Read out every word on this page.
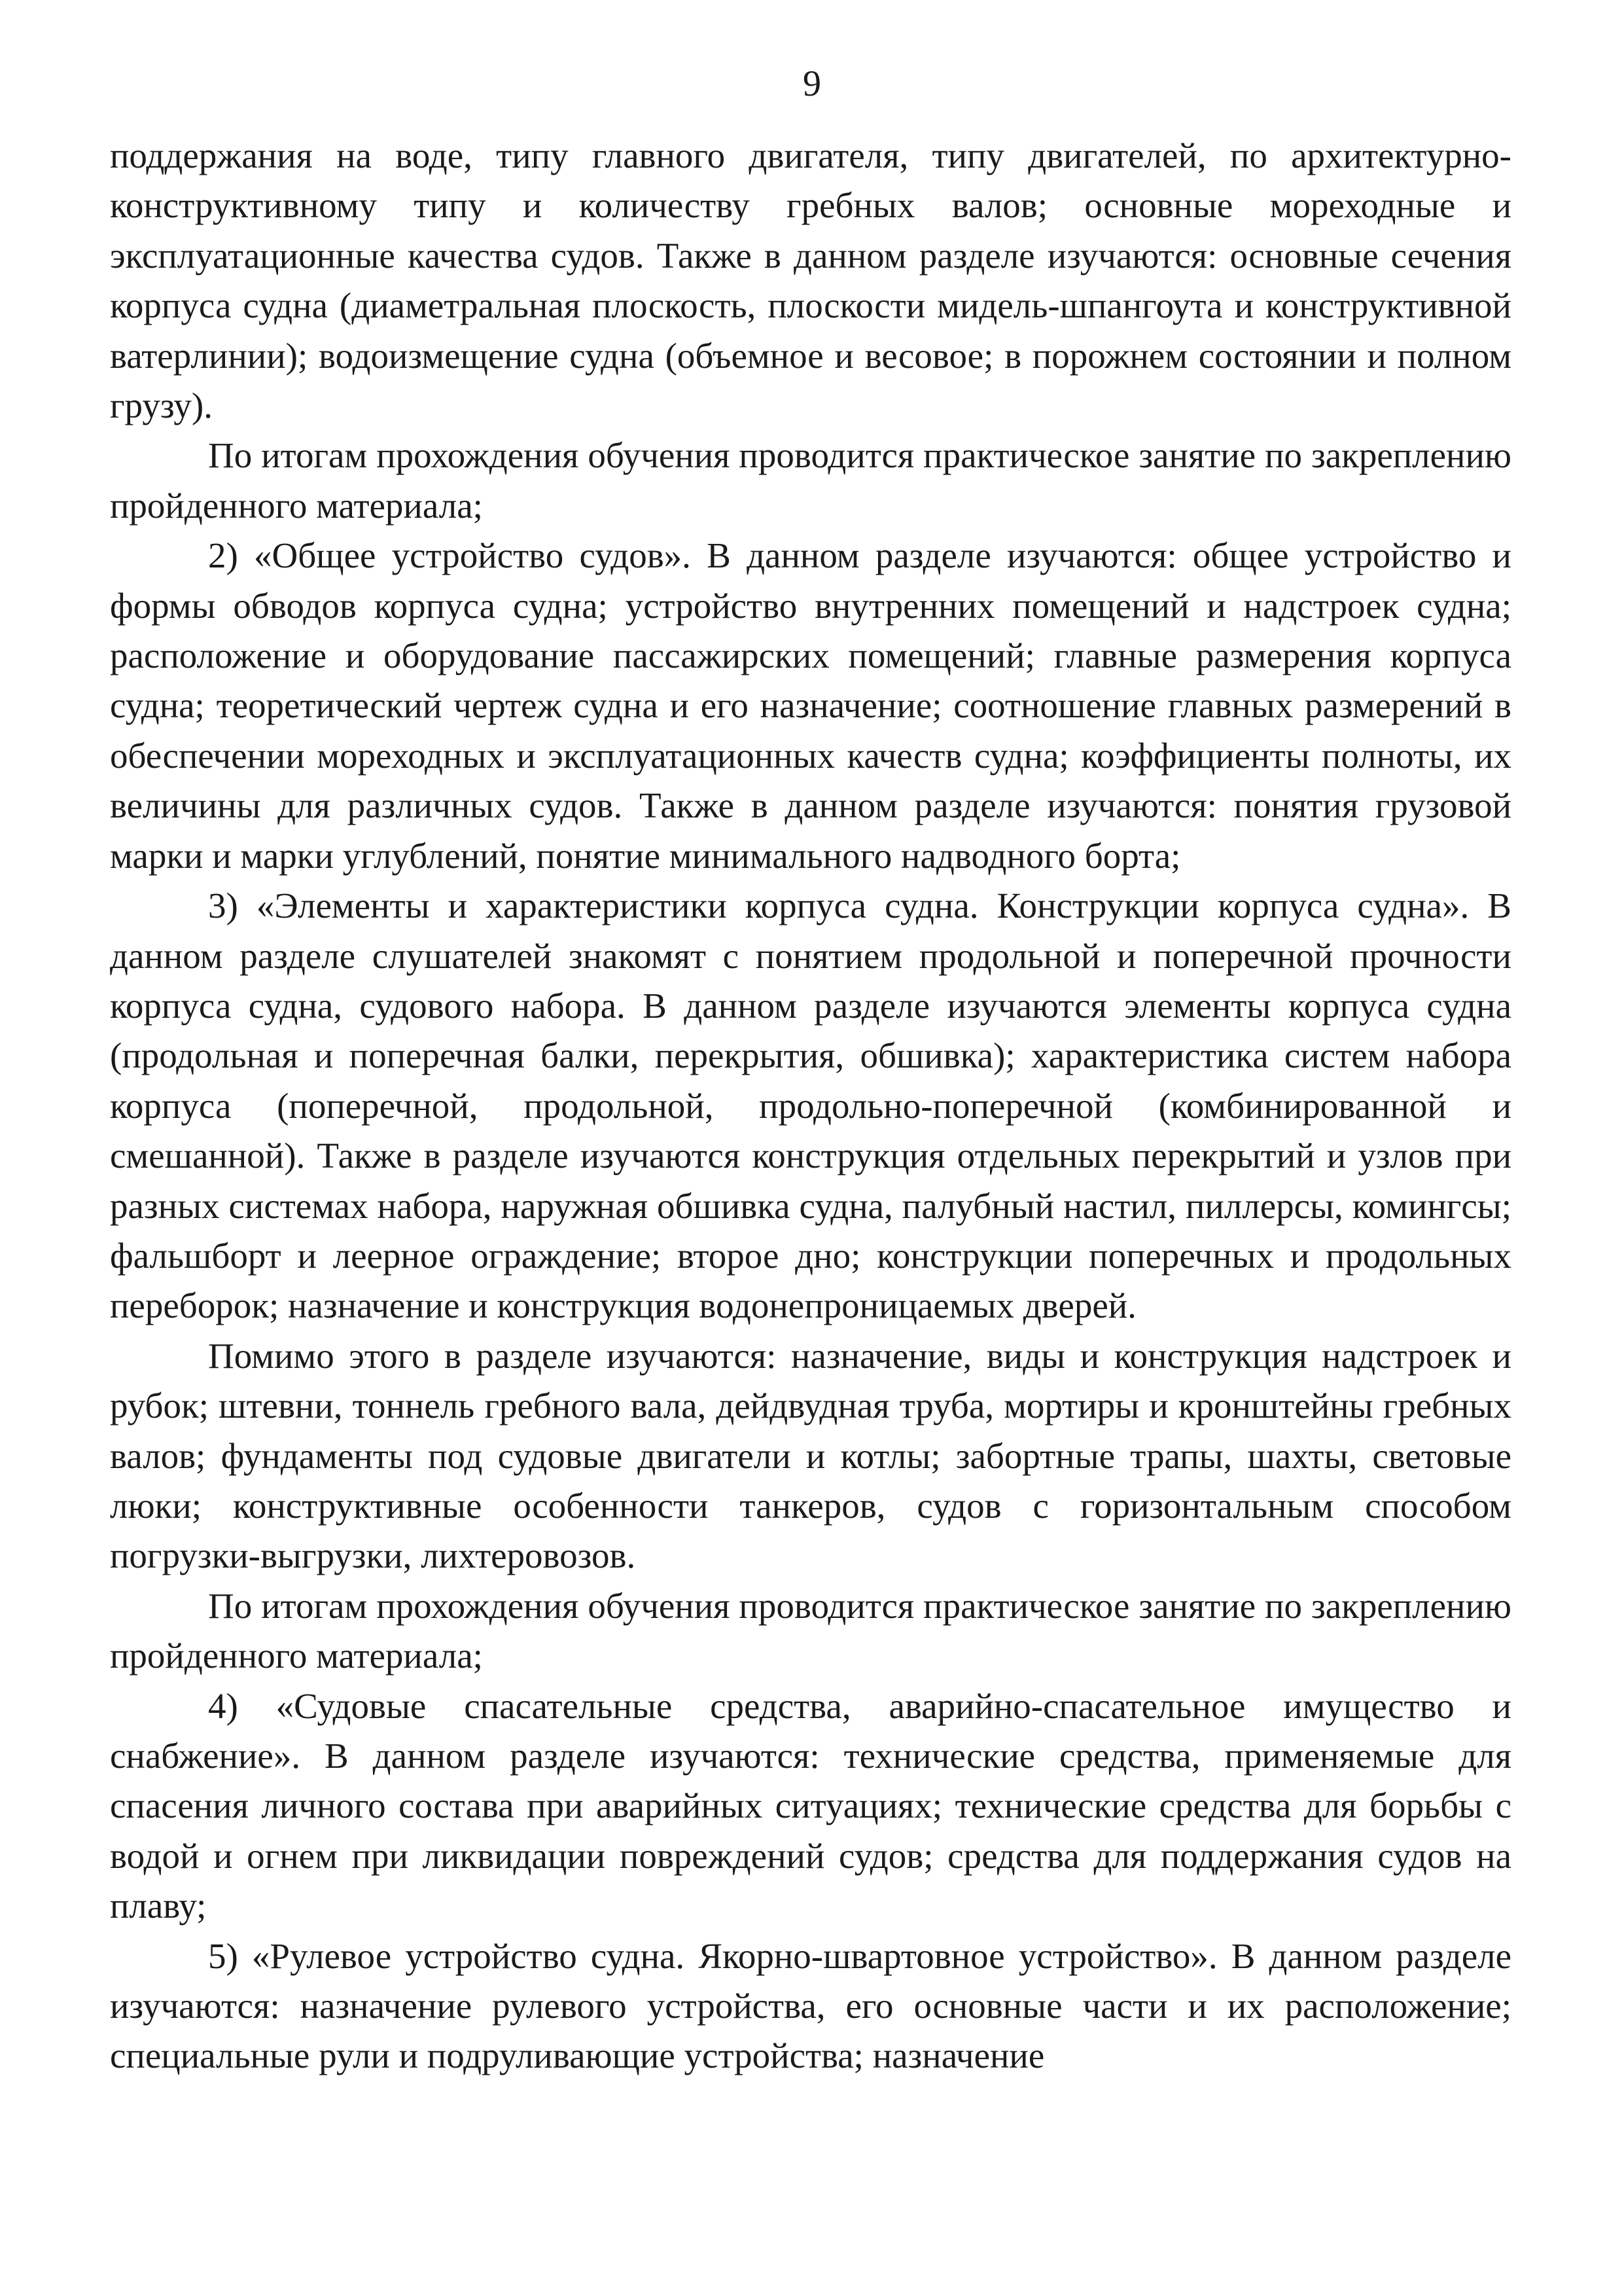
9

поддержания на воде, типу главного двигателя, типу двигателей, по архитектурно-конструктивному типу и количеству гребных валов; основные мореходные и эксплуатационные качества судов. Также в данном разделе изучаются: основные сечения корпуса судна (диаметральная плоскость, плоскости мидель-шпангоута и конструктивной ватерлинии); водоизмещение судна (объемное и весовое; в порожнем состоянии и полном грузу).

По итогам прохождения обучения проводится практическое занятие по закреплению пройденного материала;

2) «Общее устройство судов». В данном разделе изучаются: общее устройство и формы обводов корпуса судна; устройство внутренних помещений и надстроек судна; расположение и оборудование пассажирских помещений; главные размерения корпуса судна; теоретический чертеж судна и его назначение; соотношение главных размерений в обеспечении мореходных и эксплуатационных качеств судна; коэффициенты полноты, их величины для различных судов. Также в данном разделе изучаются: понятия грузовой марки и марки углублений, понятие минимального надводного борта;

3) «Элементы и характеристики корпуса судна. Конструкции корпуса судна». В данном разделе слушателей знакомят с понятием продольной и поперечной прочности корпуса судна, судового набора. В данном разделе изучаются элементы корпуса судна (продольная и поперечная балки, перекрытия, обшивка); характеристика систем набора корпуса (поперечной, продольной, продольно-поперечной (комбинированной и смешанной). Также в разделе изучаются конструкция отдельных перекрытий и узлов при разных системах набора, наружная обшивка судна, палубный настил, пиллерсы, комингсы; фальшборт и леерное ограждение; второе дно; конструкции поперечных и продольных переборок; назначение и конструкция водонепроницаемых дверей.

Помимо этого в разделе изучаются: назначение, виды и конструкция надстроек и рубок; штевни, тоннель гребного вала, дейдвудная труба, мортиры и кронштейны гребных валов; фундаменты под судовые двигатели и котлы; забортные трапы, шахты, световые люки; конструктивные особенности танкеров, судов с горизонтальным способом погрузки-выгрузки, лихтеровозов.

По итогам прохождения обучения проводится практическое занятие по закреплению пройденного материала;

4) «Судовые спасательные средства, аварийно-спасательное имущество и снабжение». В данном разделе изучаются: технические средства, применяемые для спасения личного состава при аварийных ситуациях; технические средства для борьбы с водой и огнем при ликвидации повреждений судов; средства для поддержания судов на плаву;

5) «Рулевое устройство судна. Якорно-швартовное устройство». В данном разделе изучаются: назначение рулевого устройства, его основные части и их расположение; специальные рули и подруливающие устройства; назначение
